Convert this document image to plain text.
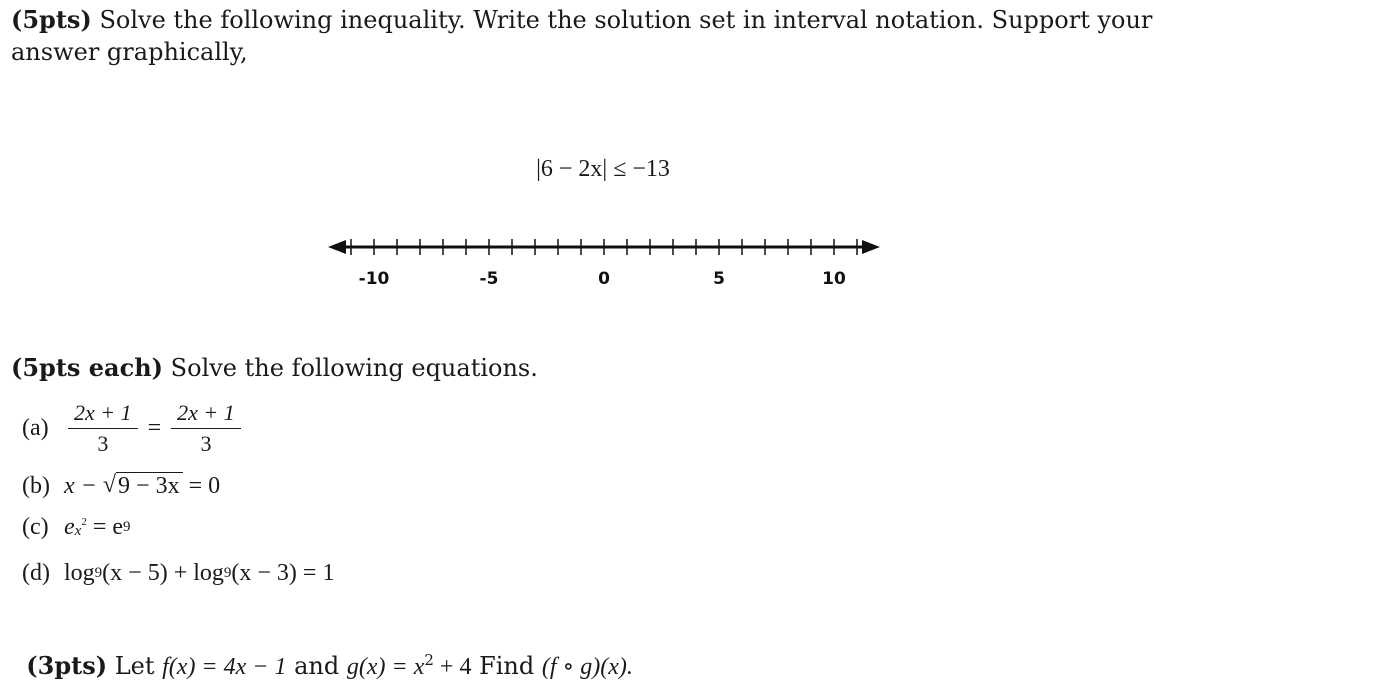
(5pts) Solve the following inequality. Write the solution set in interval notation. Support your answer graphically,
|6 − 2x| ≤ −13
-10	-5	0	5	10
(5pts each) Solve the following equations.
$(a) \frac{2x + 1}{3} = \frac{2x + 1}{3}$
(b) x − √ 9 − 3x = 0
(c) e $x^2 = e$ 9
(d) log 9 (x − 5) + log 9 (x − 3) = 1

(3pts) Let f(x) = 4x − 1 and $g(x) = x^2 + 4$ Find (f ∘ g)(x).
